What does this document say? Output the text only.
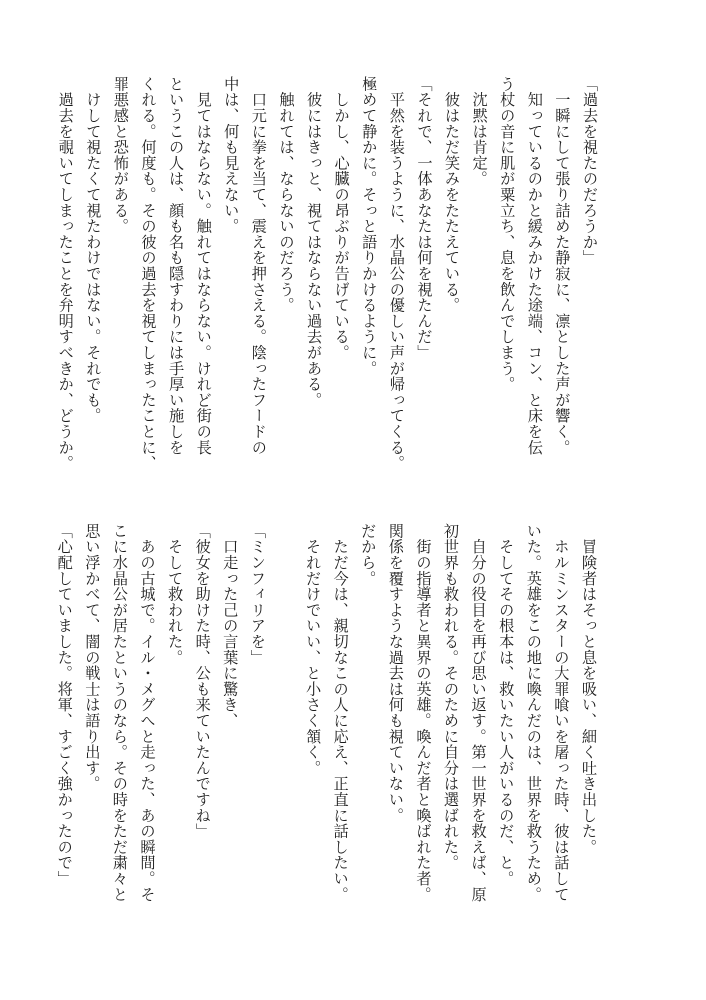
「過去を視たのだろうか」
　一瞬にして張り詰めた静寂に、凛とした声が響く。
　知っているのかと緩みかけた途端、コン、と床を伝
う杖の音に肌が粟立ち、息を飲んでしまう。
　沈黙は肯定。
　彼はただ笑みをたたえている。
「それで、一体あなたは何を視たんだ」
　平然を装うように、水晶公の優しい声が帰ってくる。
極めて静かに。そっと語りかけるように。
　しかし、心臓の昂ぶりが告げている。
　彼にはきっと、視てはならない過去がある。
　触れては、ならないのだろう。
　口元に拳を当て、震えを押さえる。陰ったフードの
中は、何も見えない。
　見てはならない。触れてはならない。けれど街の長
というこの人は、顔も名も隠すわりには手厚い施しを
くれる。何度も。その彼の過去を視てしまったことに、
罪悪感と恐怖がある。
　けして視たくて視たわけではない。それでも。
　過去を覗いてしまったことを弁明すべきか、どうか。
　冒険者はそっと息を吸い、細く吐き出した。
　ホルミンスターの大罪喰いを屠った時、彼は話して
いた。英雄をこの地に喚んだのは、世界を救うため。
　そしてその根本は、救いたい人がいるのだ、と。
　自分の役目を再び思い返す。第一世界を救えば、原
初世界も救われる。そのために自分は選ばれた。
　街の指導者と異界の英雄。喚んだ者と喚ばれた者。
関係を覆すような過去は何も視ていない。
だから。
　ただ今は、親切なこの人に応え、正直に話したい。
　それだけでいい、と小さく頷く。
「ミンフィリアを」
　口走った己の言葉に驚き、
「彼女を助けた時、公も来ていたんですね」
　そして救われた。
　あの古城で。イル・メグへと走った、あの瞬間。そ
こに水晶公が居たというのなら。その時をただ粛々と
思い浮かべて、闇の戦士は語り出す。
「心配していました。将軍、すごく強かったので」
